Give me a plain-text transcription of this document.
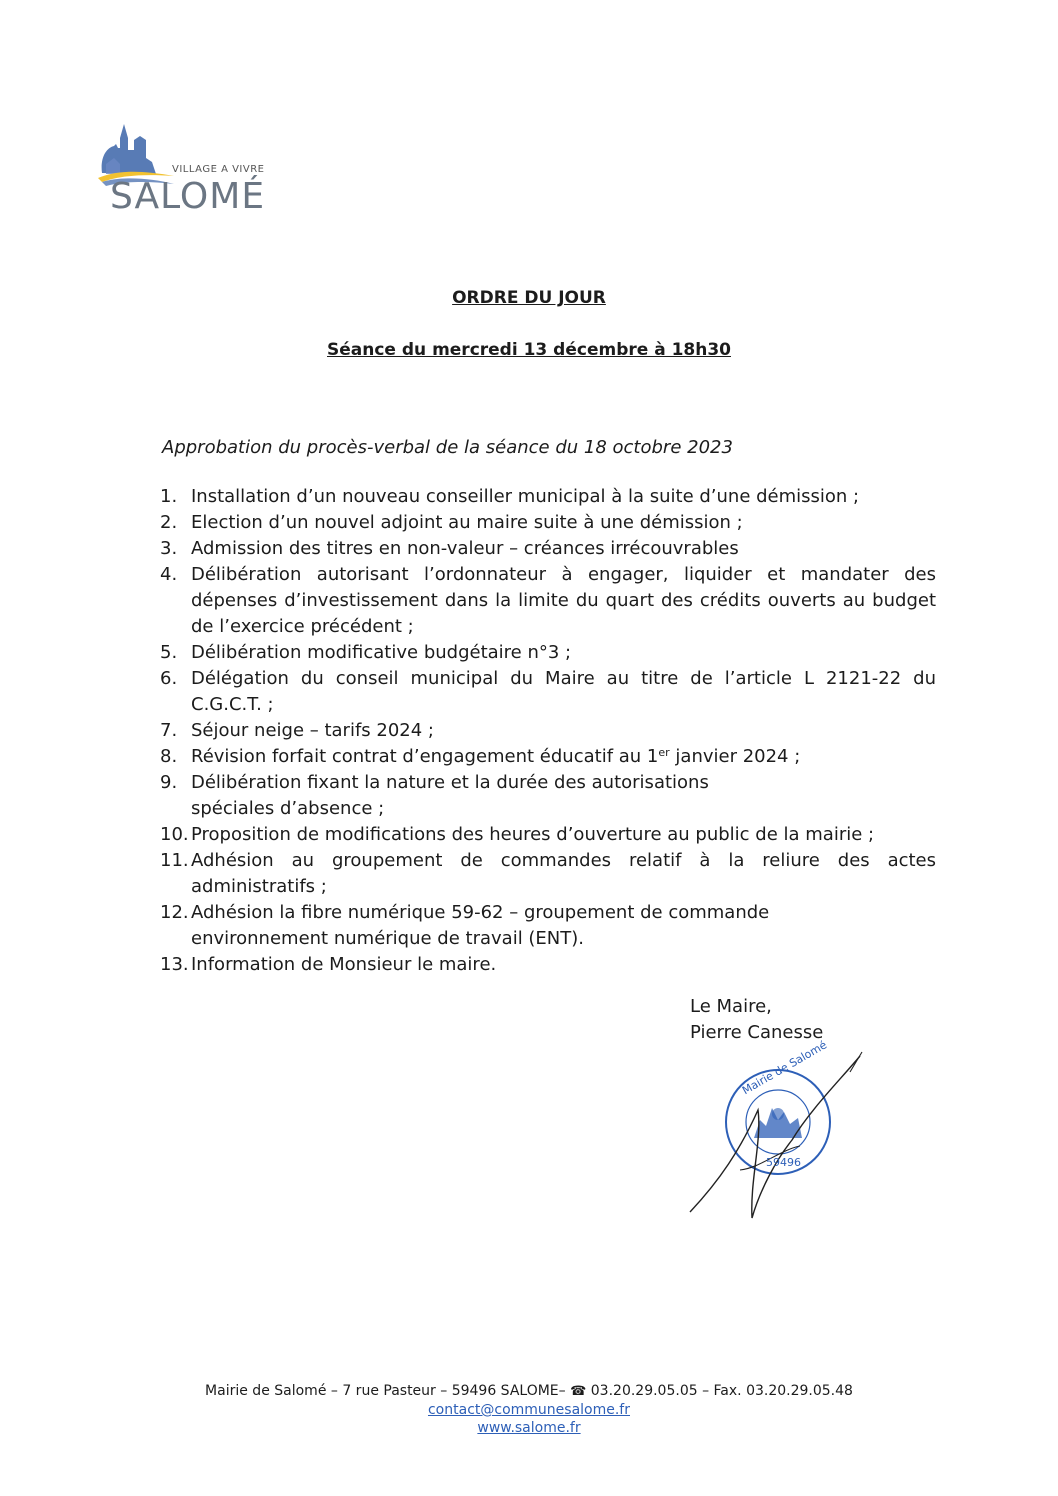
VILLAGE A VIVRE
SALOMÉ
ORDRE DU JOUR
Séance du mercredi 13 décembre à 18h30
Approbation du procès-verbal de la séance du 18 octobre 2023
1. Installation d’un nouveau conseiller municipal à la suite d’une démission ;
2. Election d’un nouvel adjoint au maire suite à une démission ;
3. Admission des titres en non-valeur – créances irrécouvrables
4. Délibération autorisant l’ordonnateur à engager, liquider et mandater des dépenses d’investissement dans la limite du quart des crédits ouverts au budget de l’exercice précédent ;
5. Délibération modificative budgétaire n°3 ;
6. Délégation du conseil municipal du Maire au titre de l’article L 2121-22 du C.G.C.T. ;
7. Séjour neige – tarifs 2024 ;
8. Révision forfait contrat d’engagement éducatif au 1er janvier 2024 ;
9. Délibération fixant la nature et la durée des autorisations spéciales d’absence ;
10. Proposition de modifications des heures d’ouverture au public de la mairie ;
11. Adhésion au groupement de commandes relatif à la reliure des actes administratifs ;
12. Adhésion la fibre numérique 59-62 – groupement de commande environnement numérique de travail (ENT).
13. Information de Monsieur le maire.
Le Maire,
Pierre Canesse
Mairie de Salomé
59496
Mairie de Salomé – 7 rue Pasteur – 59496 SALOME– ☎ 03.20.29.05.05 – Fax. 03.20.29.05.48
contact@communesalome.fr
www.salome.fr
